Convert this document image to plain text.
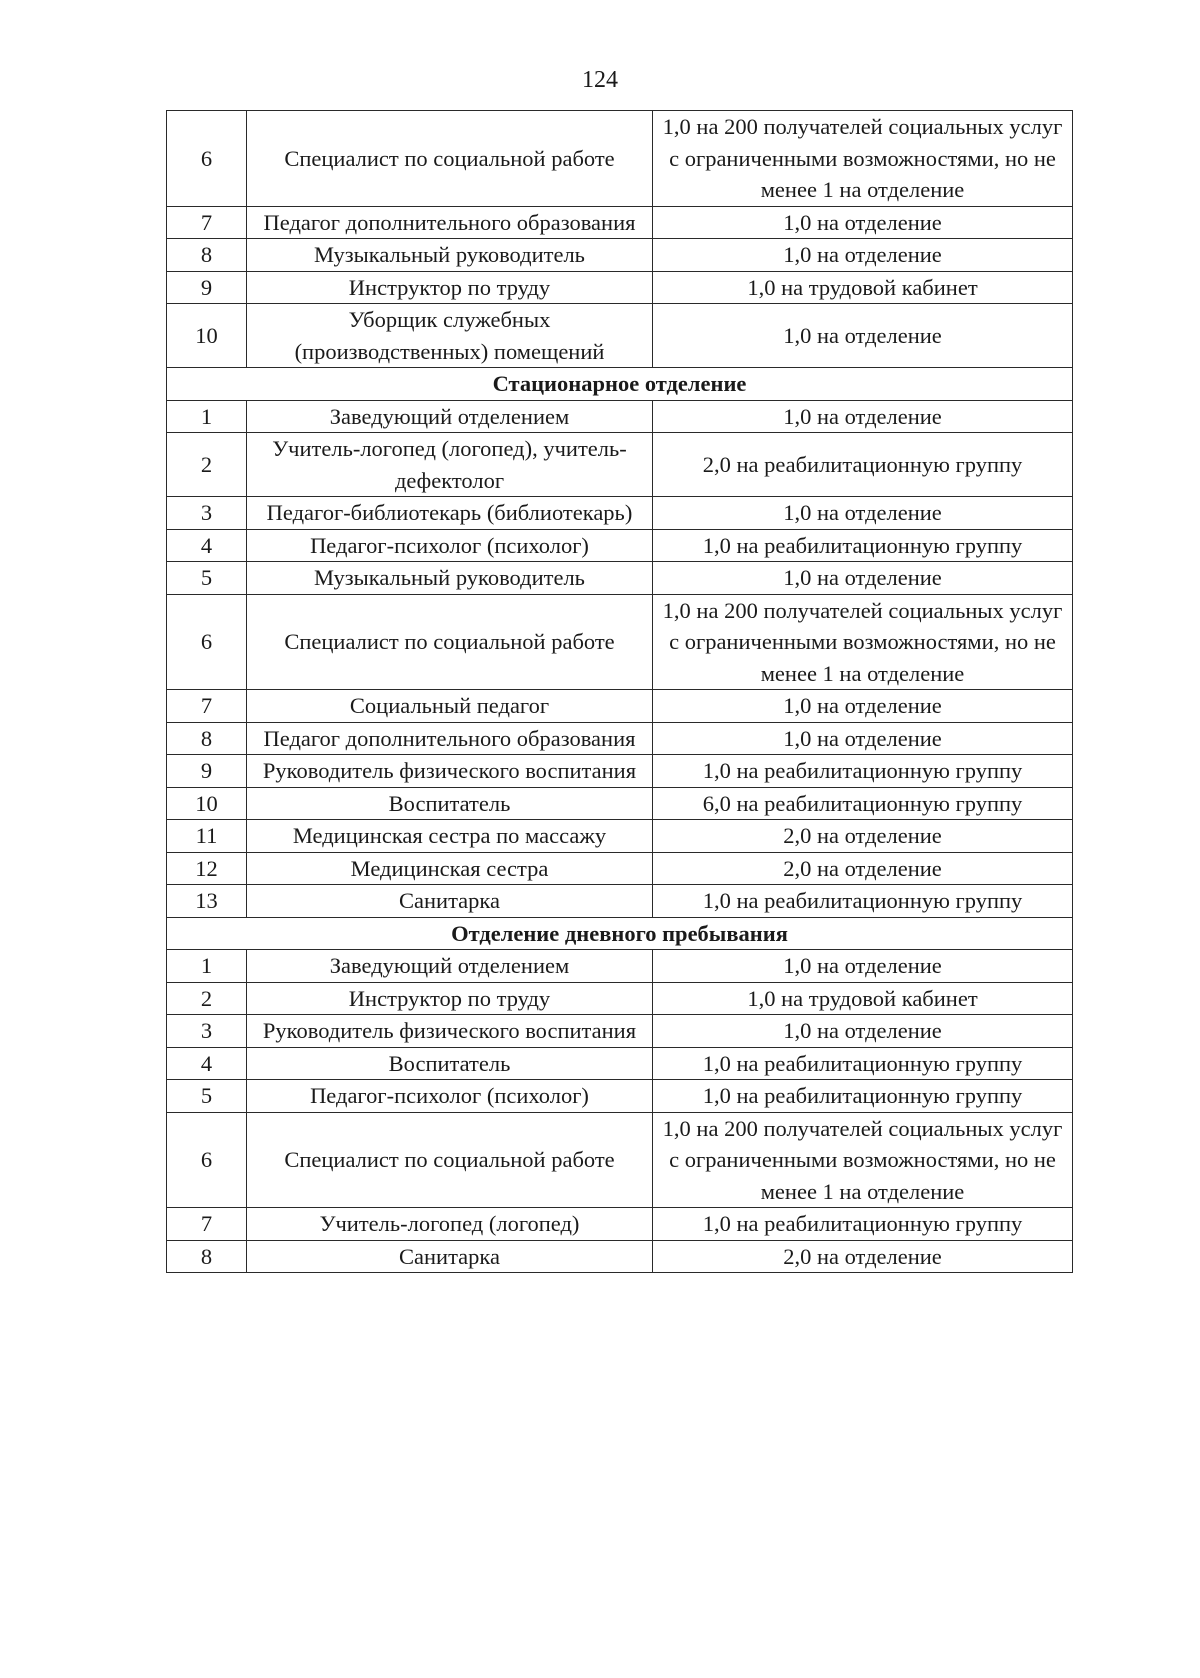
124
6	Специалист по социальной работе	1,0 на 200 получателей социальных услуг с ограниченными возможностями, но не менее 1 на отделение
7	Педагог дополнительного образования	1,0 на отделение
8	Музыкальный руководитель	1,0 на отделение
9	Инструктор по труду	1,0 на трудовой кабинет
10	Уборщик служебных (производственных) помещений	1,0 на отделение
Стационарное отделение		
1	Заведующий отделением	1,0 на отделение
2	Учитель-логопед (логопед), учитель-дефектолог	2,0 на реабилитационную группу
3	Педагог-библиотекарь (библиотекарь)	1,0 на отделение
4	Педагог-психолог (психолог)	1,0 на реабилитационную группу
5	Музыкальный руководитель	1,0 на отделение
6	Специалист по социальной работе	1,0 на 200 получателей социальных услуг с ограниченными возможностями, но не менее 1 на отделение
7	Социальный педагог	1,0 на отделение
8	Педагог дополнительного образования	1,0 на отделение
9	Руководитель физического воспитания	1,0 на реабилитационную группу
10	Воспитатель	6,0 на реабилитационную группу
11	Медицинская сестра по массажу	2,0 на отделение
12	Медицинская сестра	2,0 на отделение
13	Санитарка	1,0 на реабилитационную группу
Отделение дневного пребывания		
1	Заведующий отделением	1,0 на отделение
2	Инструктор по труду	1,0 на трудовой кабинет
3	Руководитель физического воспитания	1,0 на отделение
4	Воспитатель	1,0 на реабилитационную группу
5	Педагог-психолог (психолог)	1,0 на реабилитационную группу
6	Специалист по социальной работе	1,0 на 200 получателей социальных услуг с ограниченными возможностями, но не менее 1 на отделение
7	Учитель-логопед (логопед)	1,0 на реабилитационную группу
8	Санитарка	2,0 на отделение
